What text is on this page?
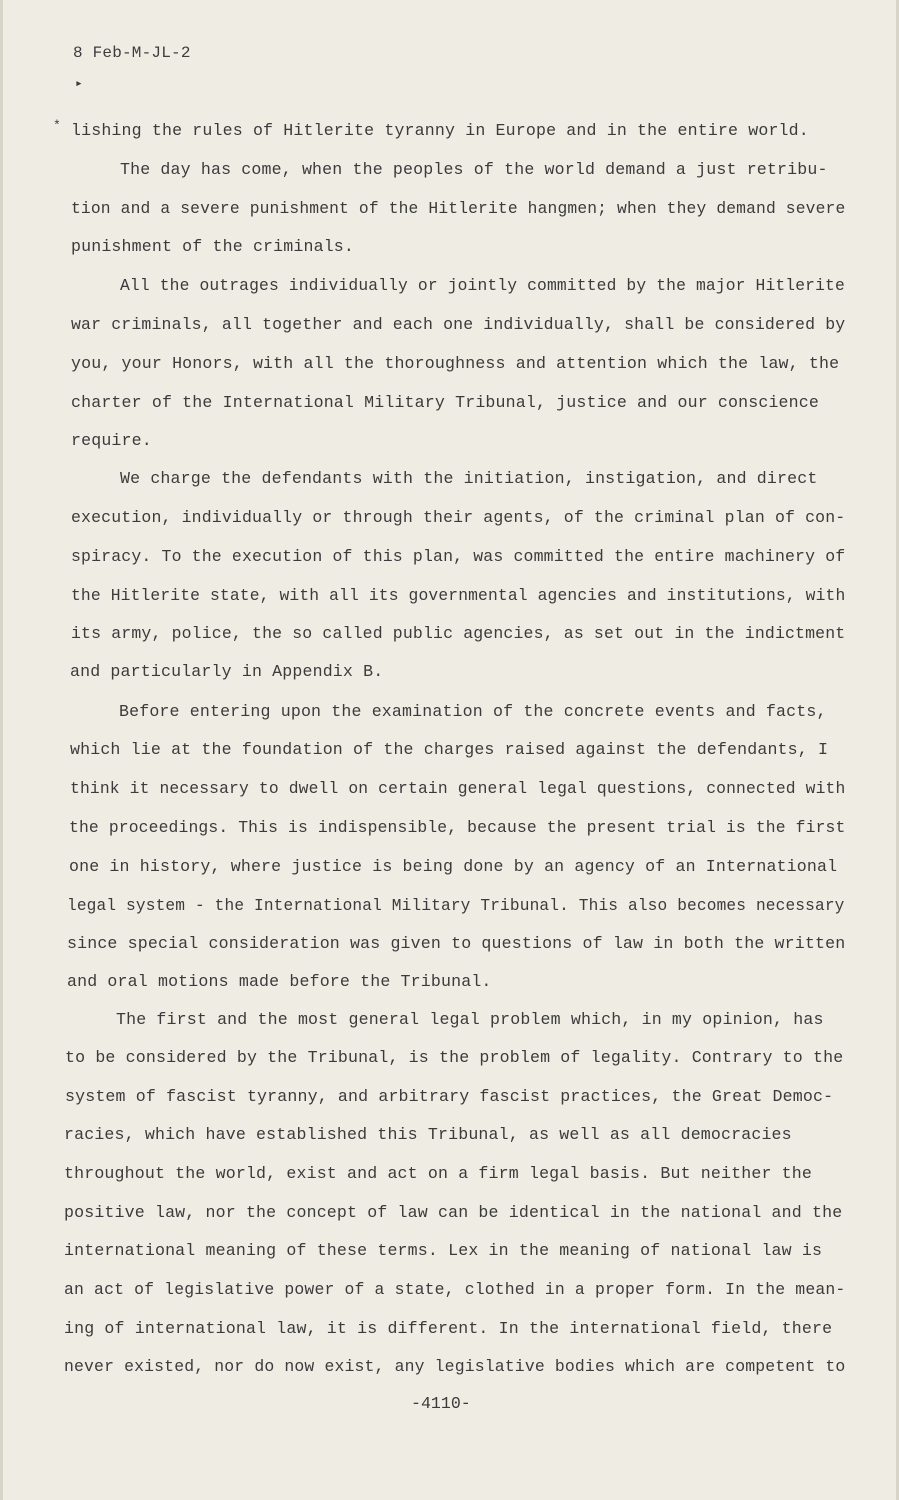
8 Feb-M-JL-2
▸
* lishing the rules of Hitlerite tyranny in Europe and in the entire world.
The day has come, when the peoples of the world demand a just retribu-
tion and a severe punishment of the Hitlerite hangmen; when they demand severe
punishment of the criminals.
All the outrages individually or jointly committed by the major Hitlerite
war criminals, all together and each one individually, shall be considered by
you, your Honors, with all the thoroughness and attention which the law, the
charter of the International Military Tribunal, justice and our conscience
require.
We charge the defendants with the initiation, instigation, and direct
execution, individually or through their agents, of the criminal plan of con-
spiracy. To the execution of this plan, was committed the entire machinery of
the Hitlerite state, with all its governmental agencies and institutions, with
its army, police, the so called public agencies, as set out in the indictment
and particularly in Appendix B.
Before entering upon the examination of the concrete events and facts,
which lie at the foundation of the charges raised against the defendants, I
think it necessary to dwell on certain general legal questions, connected with
the proceedings. This is indispensible, because the present trial is the first
one in history, where justice is being done by an agency of an International
legal system - the International Military Tribunal. This also becomes necessary
since special consideration was given to questions of law in both the written
and oral motions made before the Tribunal.
The first and the most general legal problem which, in my opinion, has
to be considered by the Tribunal, is the problem of legality. Contrary to the
system of fascist tyranny, and arbitrary fascist practices, the Great Democ-
racies, which have established this Tribunal, as well as all democracies
throughout the world, exist and act on a firm legal basis. But neither the
positive law, nor the concept of law can be identical in the national and the
international meaning of these terms. Lex in the meaning of national law is
an act of legislative power of a state, clothed in a proper form. In the mean-
ing of international law, it is different. In the international field, there
never existed, nor do now exist, any legislative bodies which are competent to
-4110-
